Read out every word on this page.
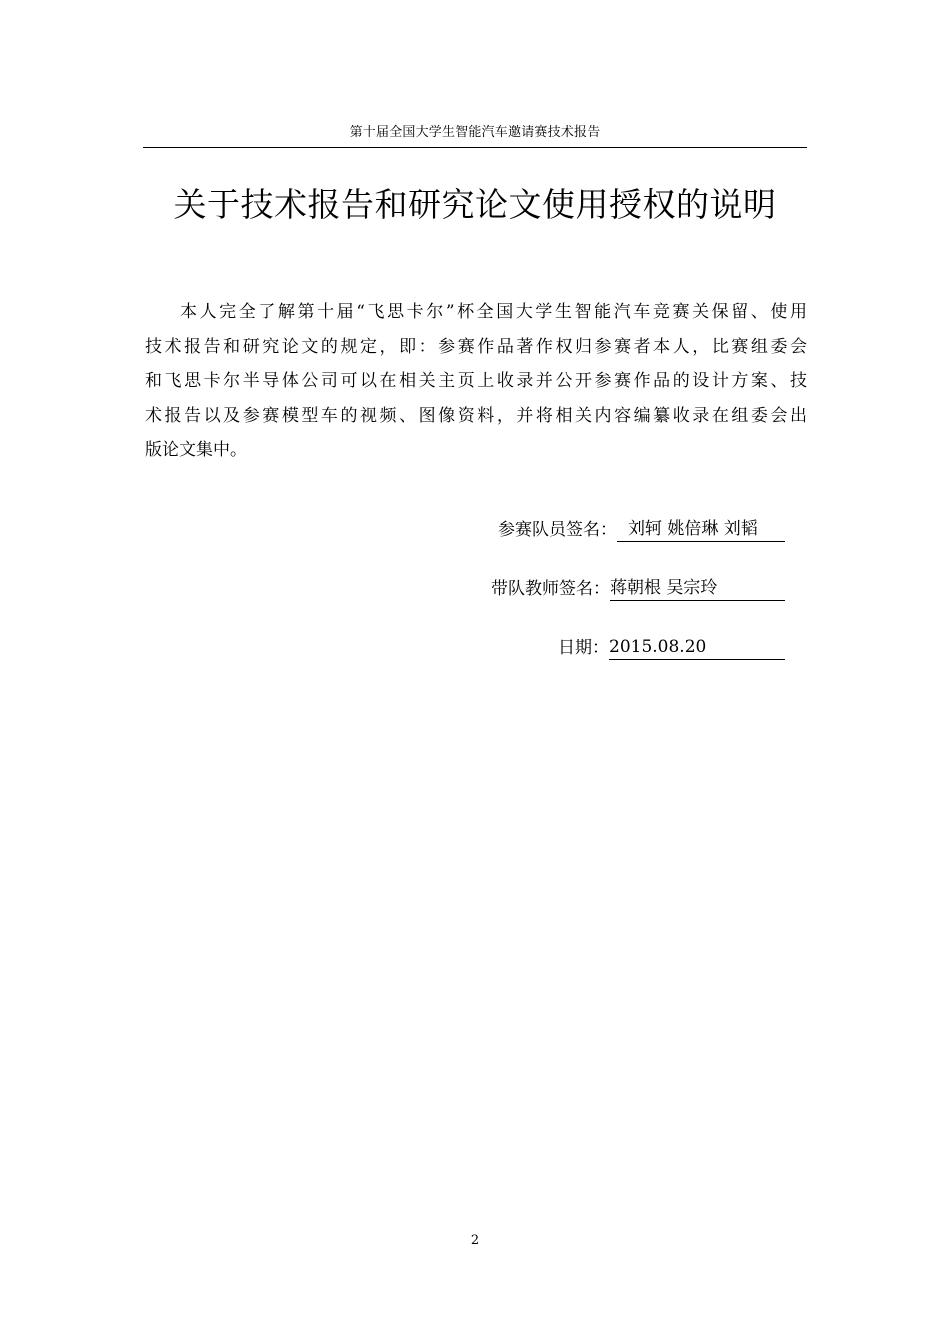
第十届全国大学生智能汽车邀请赛技术报告
关于技术报告和研究论文使用授权的说明
本人完全了解第十届“飞思卡尔”杯全国大学生智能汽车竞赛关保留、使用
技术报告和研究论文的规定，即：参赛作品著作权归参赛者本人，比赛组委会
和飞思卡尔半导体公司可以在相关主页上收录并公开参赛作品的设计方案、技
术报告以及参赛模型车的视频、图像资料，并将相关内容编纂收录在组委会出
版论文集中。
参赛队员签名： 刘轲 姚倍琳 刘韬
带队教师签名：蒋朝根 吴宗玲
日期：2015.08.20
2
